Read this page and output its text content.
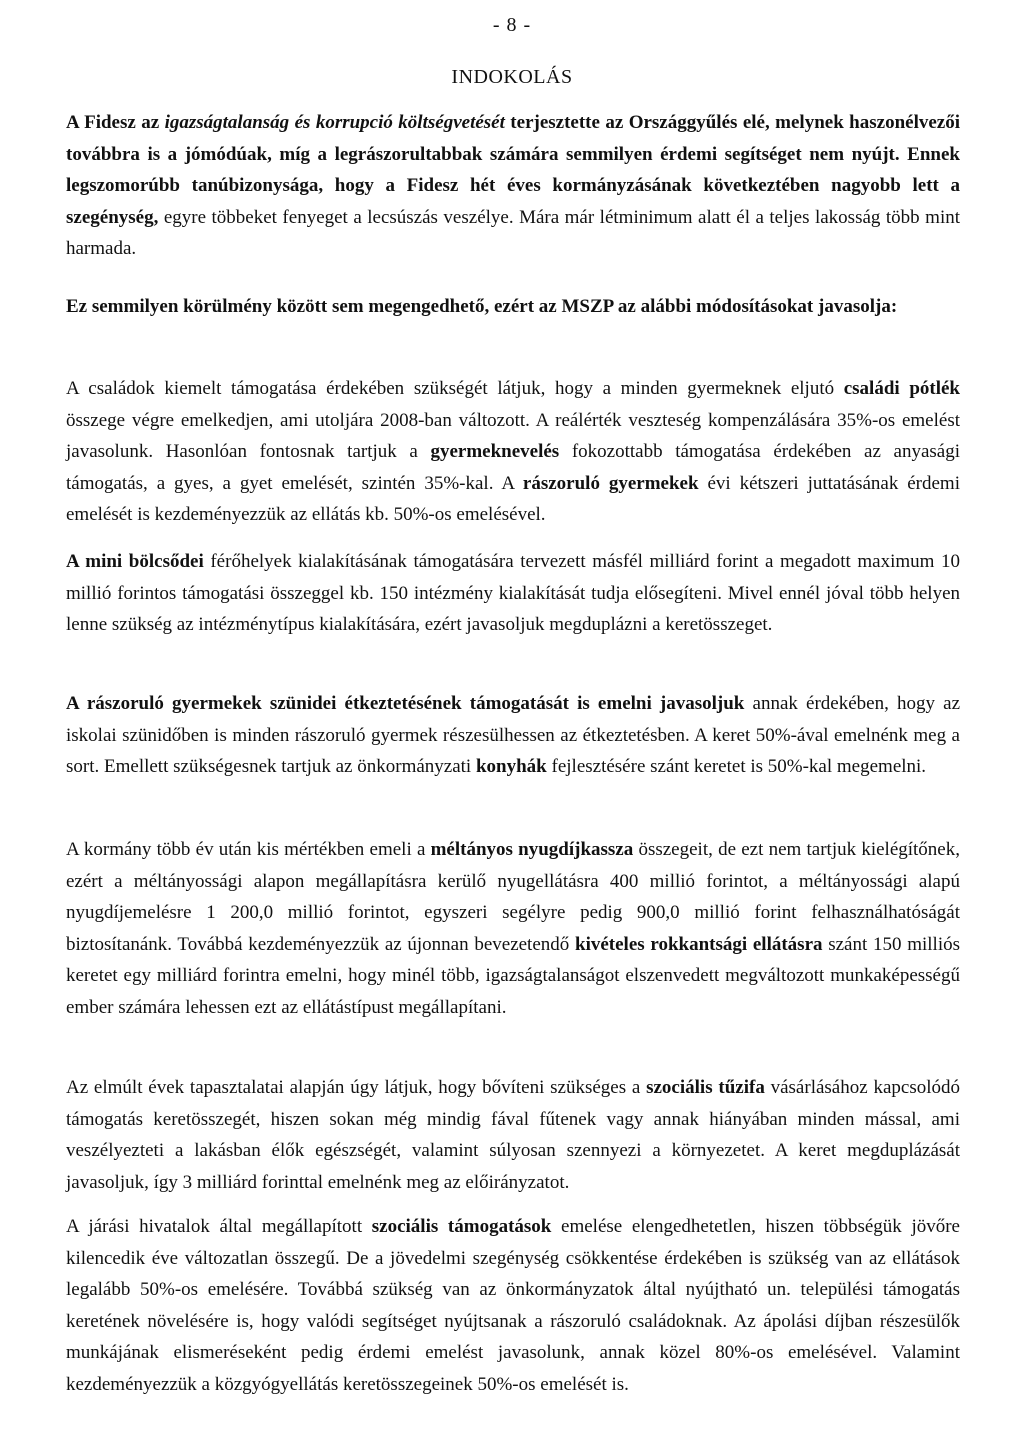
- 8 -
INDOKOLÁS

A Fidesz az igazságtalanság és korrupció költségvetését terjesztette az Országgyűlés elé, melynek haszonélvezői továbbra is a jómódúak, míg a legrászorultabbak számára semmilyen érdemi segítséget nem nyújt. Ennek legszomorúbb tanúbizonysága, hogy a Fidesz hét éves kormányzásának következtében nagyobb lett a szegénység, egyre többeket fenyeget a lecsúszás veszélye. Mára már létminimum alatt él a teljes lakosság több mint harmada.

Ez semmilyen körülmény között sem megengedhető, ezért az MSZP az alábbi módosításokat javasolja:

A családok kiemelt támogatása érdekében szükségét látjuk, hogy a minden gyermeknek eljutó családi pótlék összege végre emelkedjen, ami utoljára 2008-ban változott. A reálérték veszteség kompenzálására 35%-os emelést javasolunk. Hasonlóan fontosnak tartjuk a gyermeknevelés fokozottabb támogatása érdekében az anyasági támogatás, a gyes, a gyet emelését, szintén 35%-kal. A rászoruló gyermekek évi kétszeri juttatásának érdemi emelését is kezdeményezzük az ellátás kb. 50%-os emelésével.

A mini bölcsődei férőhelyek kialakításának támogatására tervezett másfél milliárd forint a megadott maximum 10 millió forintos támogatási összeggel kb. 150 intézmény kialakítását tudja elősegíteni. Mivel ennél jóval több helyen lenne szükség az intézménytípus kialakítására, ezért javasoljuk megduplázni a keretösszeget.

A rászoruló gyermekek szünidei étkeztetésének támogatását is emelni javasoljuk annak érdekében, hogy az iskolai szünidőben is minden rászoruló gyermek részesülhessen az étkeztetésben. A keret 50%-ával emelnénk meg a sort. Emellett szükségesnek tartjuk az önkormányzati konyhák fejlesztésére szánt keretet is 50%-kal megemelni.

A kormány több év után kis mértékben emeli a méltányos nyugdíjkassza összegeit, de ezt nem tartjuk kielégítőnek, ezért a méltányossági alapon megállapításra kerülő nyugellátásra 400 millió forintot, a méltányossági alapú nyugdíjemelésre 1 200,0 millió forintot, egyszeri segélyre pedig 900,0 millió forint felhasználhatóságát biztosítanánk. Továbbá kezdeményezzük az újonnan bevezetendő kivételes rokkantsági ellátásra szánt 150 milliós keretet egy milliárd forintra emelni, hogy minél több, igazságtalanságot elszenvedett megváltozott munkaképességű ember számára lehessen ezt az ellátástípust megállapítani.

Az elmúlt évek tapasztalatai alapján úgy látjuk, hogy bővíteni szükséges a szociális tűzifa vásárlásához kapcsolódó támogatás keretösszegét, hiszen sokan még mindig fával fűtenek vagy annak hiányában minden mással, ami veszélyezteti a lakásban élők egészségét, valamint súlyosan szennyezi a környezetet. A keret megduplázását javasoljuk, így 3 milliárd forinttal emelnénk meg az előirányzatot.

A járási hivatalok által megállapított szociális támogatások emelése elengedhetetlen, hiszen többségük jövőre kilencedik éve változatlan összegű. De a jövedelmi szegénység csökkentése érdekében is szükség van az ellátások legalább 50%-os emelésére. Továbbá szükség van az önkormányzatok által nyújtható un. települési támogatás keretének növelésére is, hogy valódi segítséget nyújtsanak a rászoruló családoknak. Az ápolási díjban részesülők munkájának elismeréseként pedig érdemi emelést javasolunk, annak közel 80%-os emelésével. Valamint kezdeményezzük a közgyógyellátás keretösszegeinek 50%-os emelését is.
